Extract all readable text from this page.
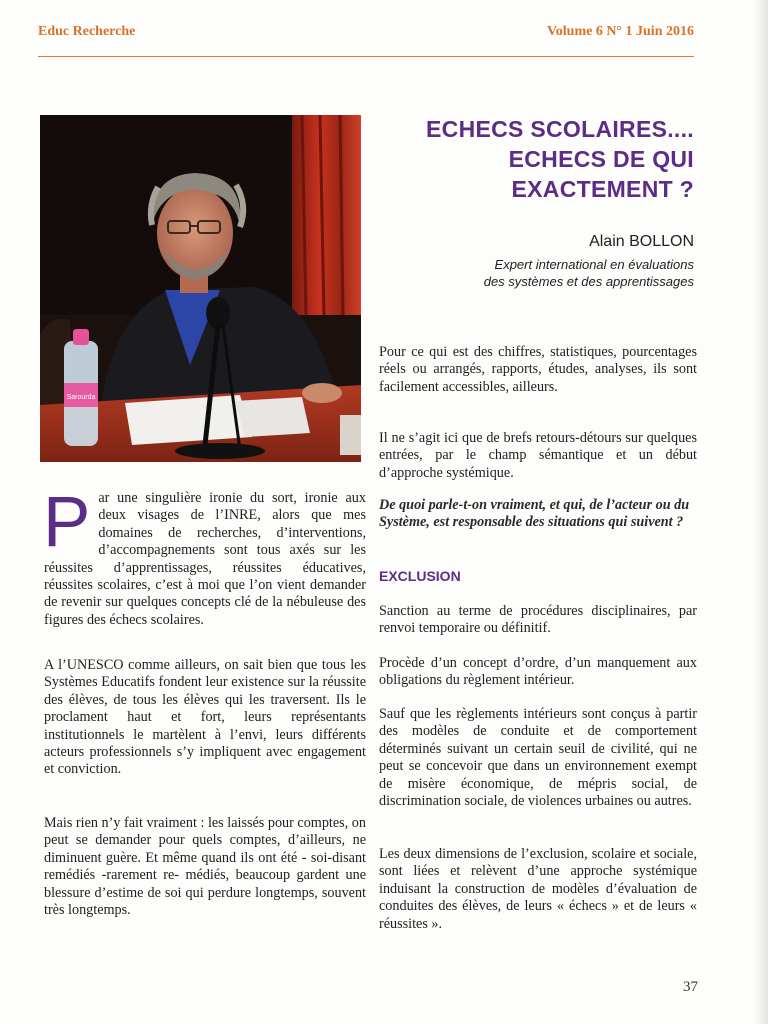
Educ Recherche	Volume 6 N° 1 Juin 2016
Sarourda
ECHECS SCOLAIRES....
ECHECS DE QUI
EXACTEMENT ?
Alain BOLLON
Expert international en évaluations
des systèmes et des apprentissages
P ar une singulière ironie du sort, ironie aux deux visages de l’INRE, alors que mes domaines de recherches, d’interventions, d’accompagnements sont tous axés sur les réussites d’apprentissages, réussites éducatives, réussites scolaires, c’est à moi que l’on vient demander de revenir sur quelques concepts clé de la nébuleuse des figures des échecs scolaires.
A l’UNESCO comme ailleurs, on sait bien que tous les Systèmes Educatifs fondent leur existence sur la réussite des élèves, de tous les élèves qui les traversent. Ils le proclament haut et fort, leurs représentants institutionnels le martèlent à l’envi, leurs différents acteurs professionnels s’y impliquent avec engagement et conviction.
Mais rien n’y fait vraiment : les laissés pour comptes, on peut se demander pour quels comptes, d’ailleurs, ne diminuent guère. Et même quand ils ont été - soi-disant remédiés -rarement re- médiés, beaucoup gardent une blessure d’estime de soi qui perdure longtemps, souvent très longtemps.
Pour ce qui est des chiffres, statistiques, pourcentages réels ou arrangés, rapports, études, analyses, ils sont facilement accessibles, ailleurs.
Il ne s’agit ici que de brefs retours-détours sur quelques entrées, par le champ sémantique et un début d’approche systémique.
De quoi parle-t-on vraiment, et qui, de l’acteur ou du Système, est responsable des situations qui suivent ?
EXCLUSION
Sanction au terme de procédures disciplinaires, par renvoi temporaire ou définitif.
Procède d’un concept d’ordre, d’un manquement aux obligations du règlement intérieur.
Sauf que les règlements intérieurs sont conçus à partir des modèles de conduite et de comportement déterminés suivant un certain seuil de civilité, qui ne peut se concevoir que dans un environnement exempt de misère économique, de mépris social, de discrimination sociale, de violences urbaines ou autres.
Les deux dimensions de l’exclusion, scolaire et sociale, sont liées et relèvent d’une approche systémique induisant la construction de modèles d’évaluation de conduites des élèves, de leurs « échecs » et de leurs « réussites ».
37
